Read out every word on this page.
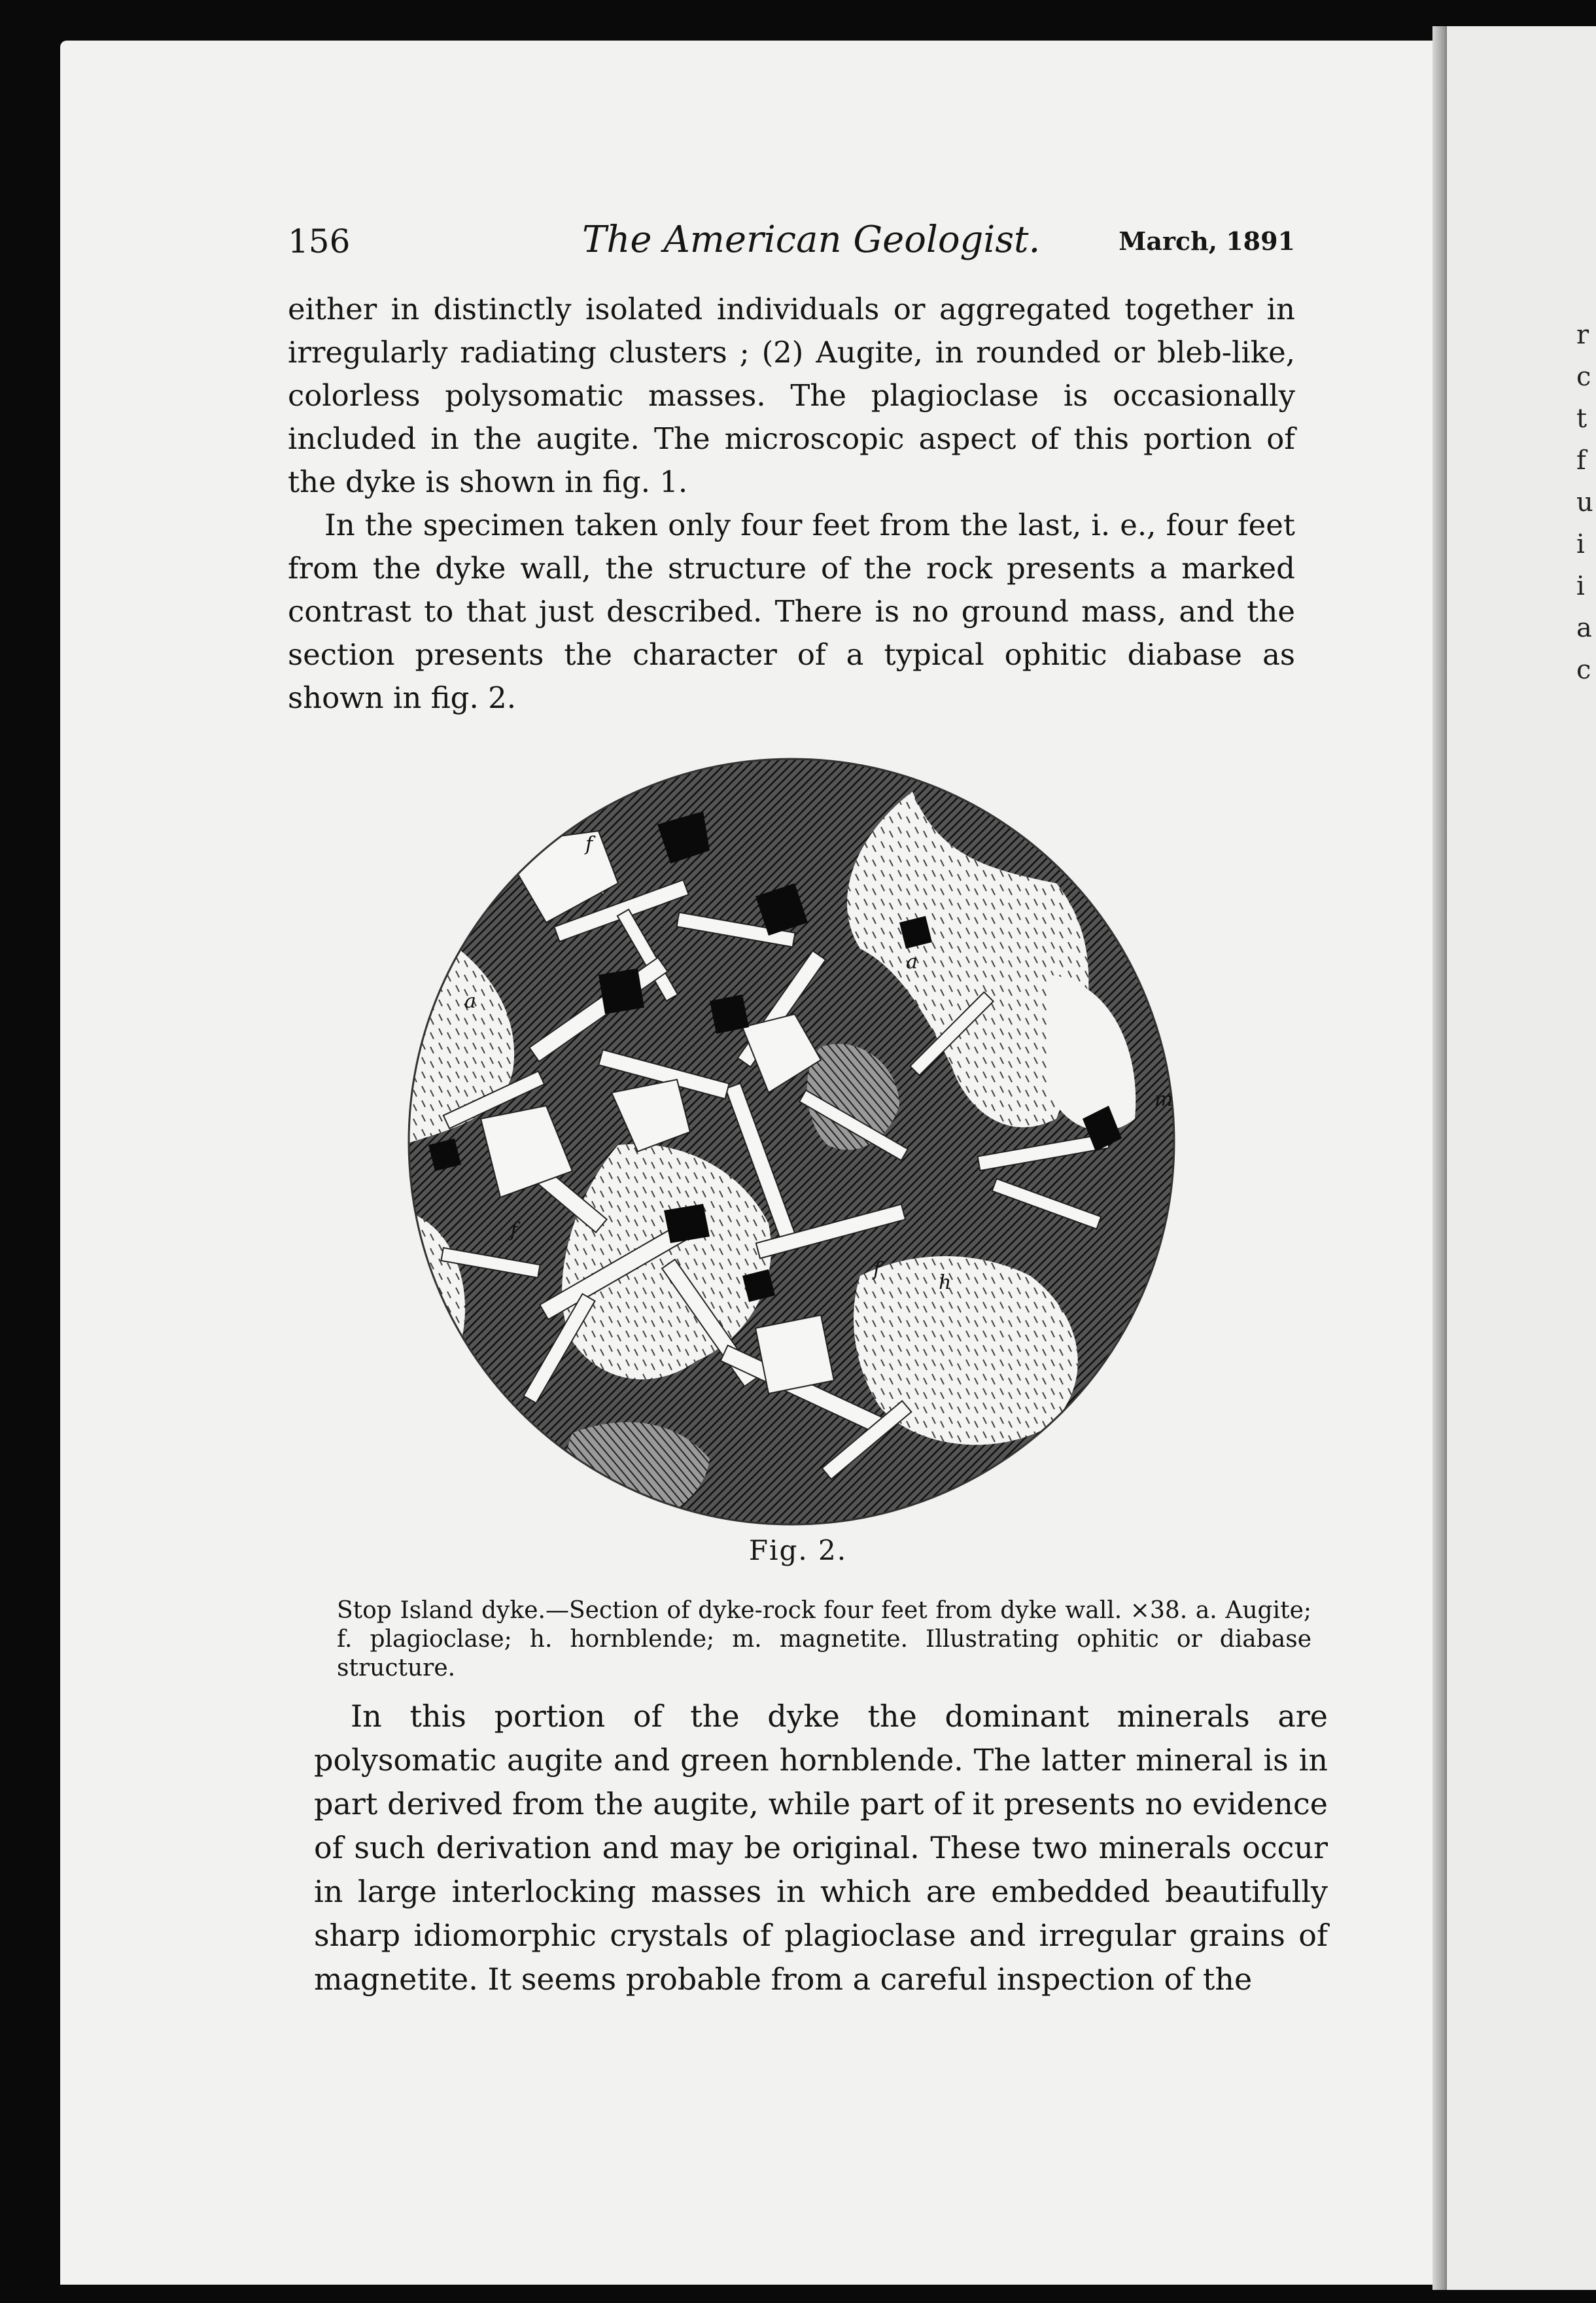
r
c
t
f
u
i
i
a
c
156	The American Geologist.	March, 1891

either in distinctly isolated individuals or aggregated together in irregularly radiating clusters ; (2) Augite, in rounded or bleb-like, colorless polysomatic masses. The plagioclase is occasionally included in the augite. The microscopic aspect of this portion of the dyke is shown in fig. 1.

In the specimen taken only four feet from the last, i. e., four feet from the dyke wall, the structure of the rock presents a marked contrast to that just described. There is no ground mass, and the section presents the character of a typical ophitic diabase as shown in fig. 2.

f
a
a
f
h
m
f
Fig. 2.
Stop Island dyke.—Section of dyke-rock four feet from dyke wall. ×38. a. Augite; f. plagioclase; h. hornblende; m. magnetite. Illustrating ophitic or diabase structure.

In this portion of the dyke the dominant minerals are polysomatic augite and green hornblende. The latter mineral is in part derived from the augite, while part of it presents no evidence of such derivation and may be original. These two minerals occur in large interlocking masses in which are embedded beautifully sharp idiomorphic crystals of plagioclase and irregular grains of magnetite. It seems probable from a careful inspection of the
